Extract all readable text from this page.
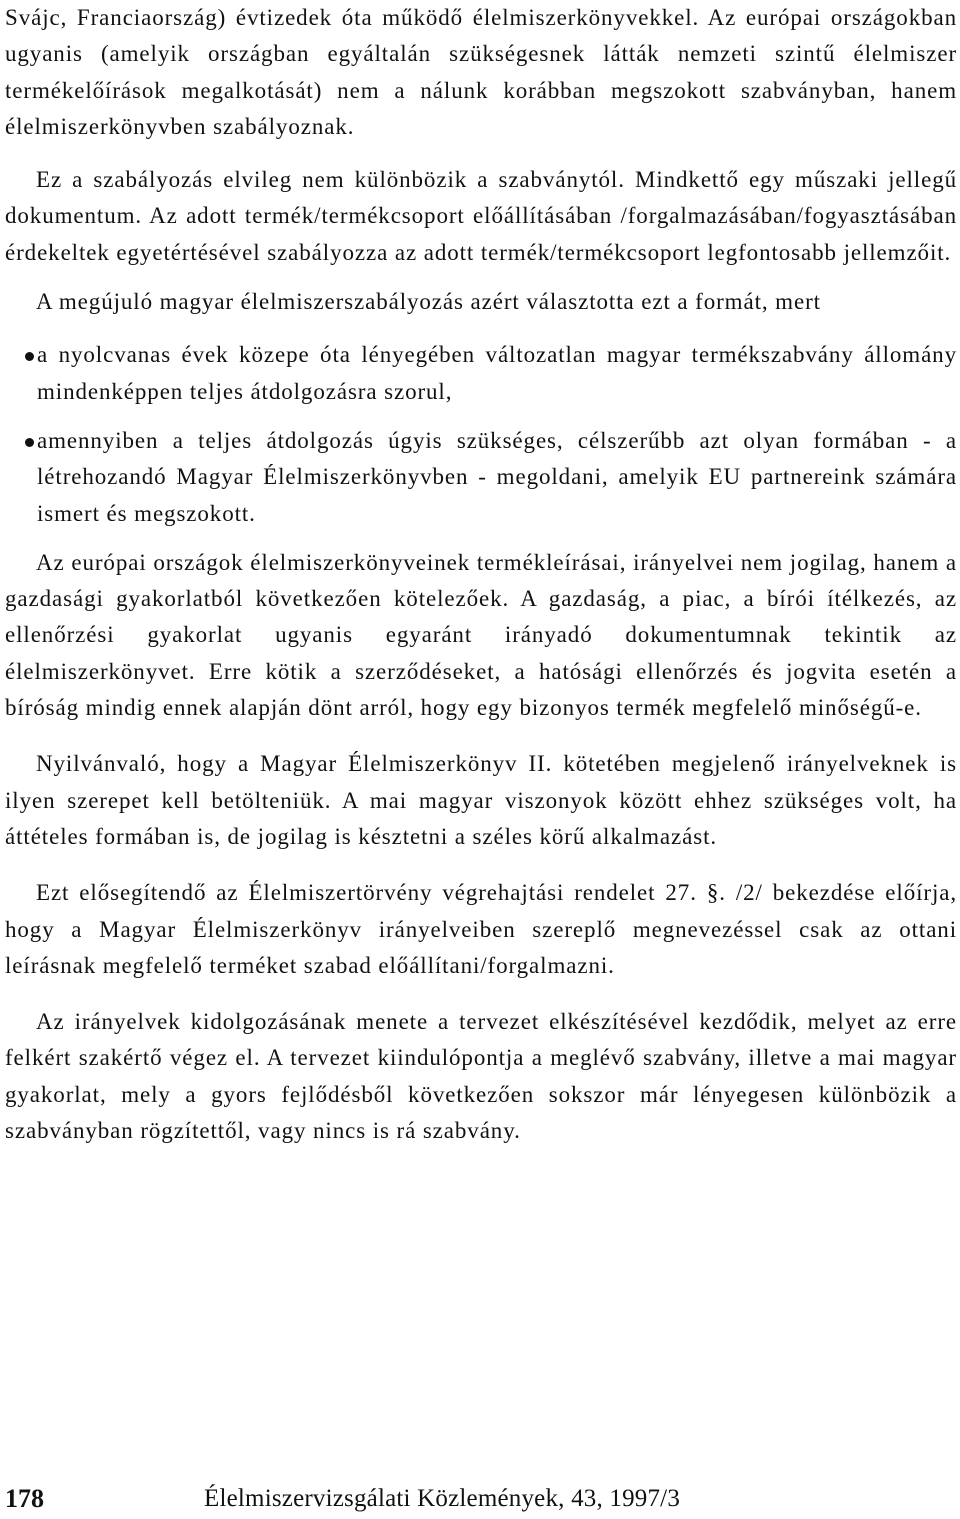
Svájc, Franciaország) évtizedek óta működő élelmiszerkönyvekkel. Az európai országokban ugyanis (amelyik országban egyáltalán szükségesnek látták nemzeti szintű élelmiszer termékelőírások megalkotását) nem a nálunk korábban megszokott szabványban, hanem élelmiszerkönyvben szabályoznak.

Ez a szabályozás elvileg nem különbözik a szabványtól. Mindkettő egy műszaki jellegű dokumentum. Az adott termék/termékcsoport előállításában /forgalmazásában/fogyasztásában érdekeltek egyetértésével szabályozza az adott termék/termékcsoport legfontosabb jellemzőit.

A megújuló magyar élelmiszerszabályozás azért választotta ezt a formát, mert

a nyolcvanas évek közepe óta lényegében változatlan magyar termékszabvány állomány mindenképpen teljes átdolgozásra szorul,
amennyiben a teljes átdolgozás úgyis szükséges, célszerűbb azt olyan formában - a létrehozandó Magyar Élelmiszerkönyvben - megoldani, amelyik EU partnereink számára ismert és megszokott.

Az európai országok élelmiszerkönyveinek termékleírásai, irányelvei nem jogilag, hanem a gazdasági gyakorlatból következően kötelezőek. A gazdaság, a piac, a bírói ítélkezés, az ellenőrzési gyakorlat ugyanis egyaránt irányadó dokumentumnak tekintik az élelmiszerkönyvet. Erre kötik a szerződéseket, a hatósági ellenőrzés és jogvita esetén a bíróság mindig ennek alapján dönt arról, hogy egy bizonyos termék megfelelő minőségű-e.

Nyilvánvaló, hogy a Magyar Élelmiszerkönyv II. kötetében megjelenő irányelveknek is ilyen szerepet kell betölteniük. A mai magyar viszonyok között ehhez szükséges volt, ha áttételes formában is, de jogilag is késztetni a széles körű alkalmazást.

Ezt elősegítendő az Élelmiszertörvény végrehajtási rendelet 27. §. /2/ bekezdése előírja, hogy a Magyar Élelmiszerkönyv irányelveiben szereplő megnevezéssel csak az ottani leírásnak megfelelő terméket szabad előállítani/forgalmazni.

Az irányelvek kidolgozásának menete a tervezet elkészítésével kezdődik, melyet az erre felkért szakértő végez el. A tervezet kiindulópontja a meglévő szabvány, illetve a mai magyar gyakorlat, mely a gyors fejlődésből következően sokszor már lényegesen különbözik a szabványban rögzítettől, vagy nincs is rá szabvány.

178	Élelmiszervizsgálati Közlemények, 43, 1997/3
